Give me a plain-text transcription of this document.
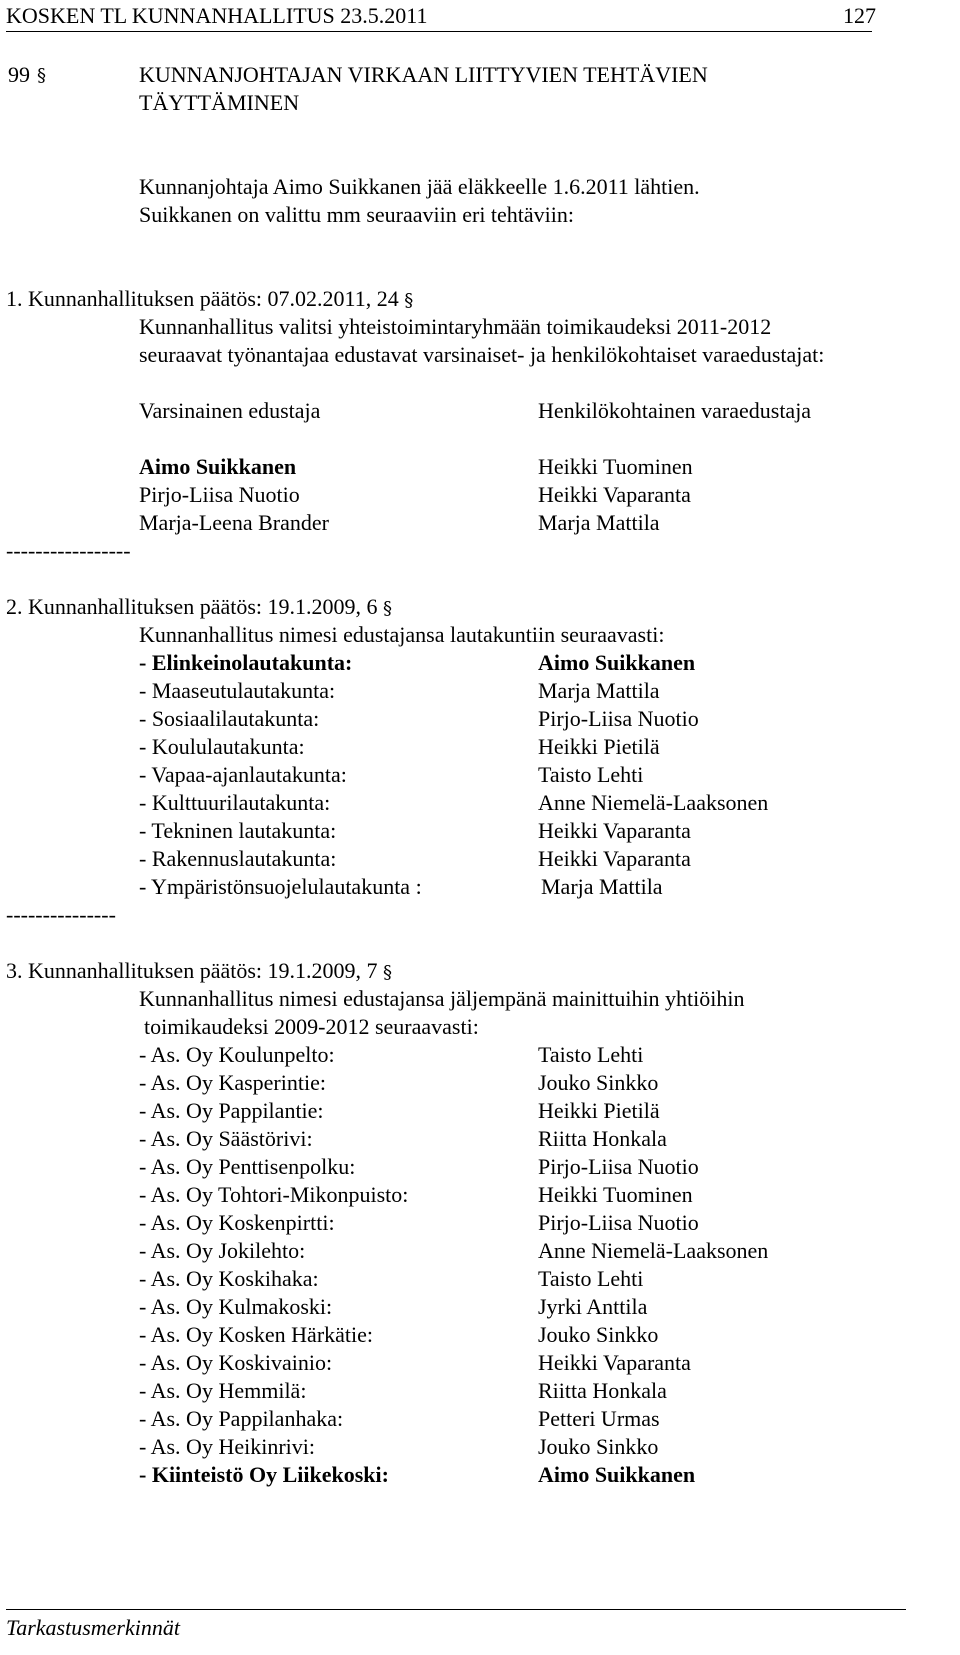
KOSKEN TL KUNNANHALLITUS 23.5.2011	127
99 §	KUNNANJOHTAJAN VIRKAAN LIITTYVIEN TEHTÄVIEN
TÄYTTÄMINEN
Kunnanjohtaja Aimo Suikkanen jää eläkkeelle 1.6.2011 lähtien.
Suikkanen on valittu mm seuraaviin eri tehtäviin:
1. Kunnanhallituksen päätös: 07.02.2011, 24 §
Kunnanhallitus valitsi yhteistoimintaryhmään toimikaudeksi 2011-2012
seuraavat työnantajaa edustavat varsinaiset- ja henkilökohtaiset varaedustajat:
Varsinainen edustaja	Henkilökohtainen varaedustaja
Aimo Suikkanen	Heikki Tuominen
Pirjo-Liisa Nuotio	Heikki Vaparanta
Marja-Leena Brander	Marja Mattila
-----------------
2. Kunnanhallituksen päätös: 19.1.2009, 6 §
Kunnanhallitus nimesi edustajansa lautakuntiin seuraavasti:
- Elinkeinolautakunta:	Aimo Suikkanen
- Maaseutulautakunta:	Marja Mattila
- Sosiaalilautakunta:	Pirjo-Liisa Nuotio
- Koululautakunta:	Heikki Pietilä
- Vapaa-ajanlautakunta:	Taisto Lehti
- Kulttuurilautakunta:	Anne Niemelä-Laaksonen
- Tekninen lautakunta:	Heikki Vaparanta
- Rakennuslautakunta:	Heikki Vaparanta
- Ympäristönsuojelulautakunta :	Marja Mattila
---------------
3. Kunnanhallituksen päätös: 19.1.2009, 7 §
Kunnanhallitus nimesi edustajansa jäljempänä mainittuihin yhtiöihin
toimikaudeksi 2009-2012 seuraavasti:
- As. Oy Koulunpelto:	Taisto Lehti
- As. Oy Kasperintie:	Jouko Sinkko
- As. Oy Pappilantie:	Heikki Pietilä
- As. Oy Säästörivi:	Riitta Honkala
- As. Oy Penttisenpolku:	Pirjo-Liisa Nuotio
- As. Oy Tohtori-Mikonpuisto:	Heikki Tuominen
- As. Oy Koskenpirtti:	Pirjo-Liisa Nuotio
- As. Oy Jokilehto:	Anne Niemelä-Laaksonen
- As. Oy Koskihaka:	Taisto Lehti
- As. Oy Kulmakoski:	Jyrki Anttila
- As. Oy Kosken Härkätie:	Jouko Sinkko
- As. Oy Koskivainio:	Heikki Vaparanta
- As. Oy Hemmilä:	Riitta Honkala
- As. Oy Pappilanhaka:	Petteri Urmas
- As. Oy Heikinrivi:	Jouko Sinkko
- Kiinteistö Oy Liikekoski:	Aimo Suikkanen
Tarkastusmerkinnät
